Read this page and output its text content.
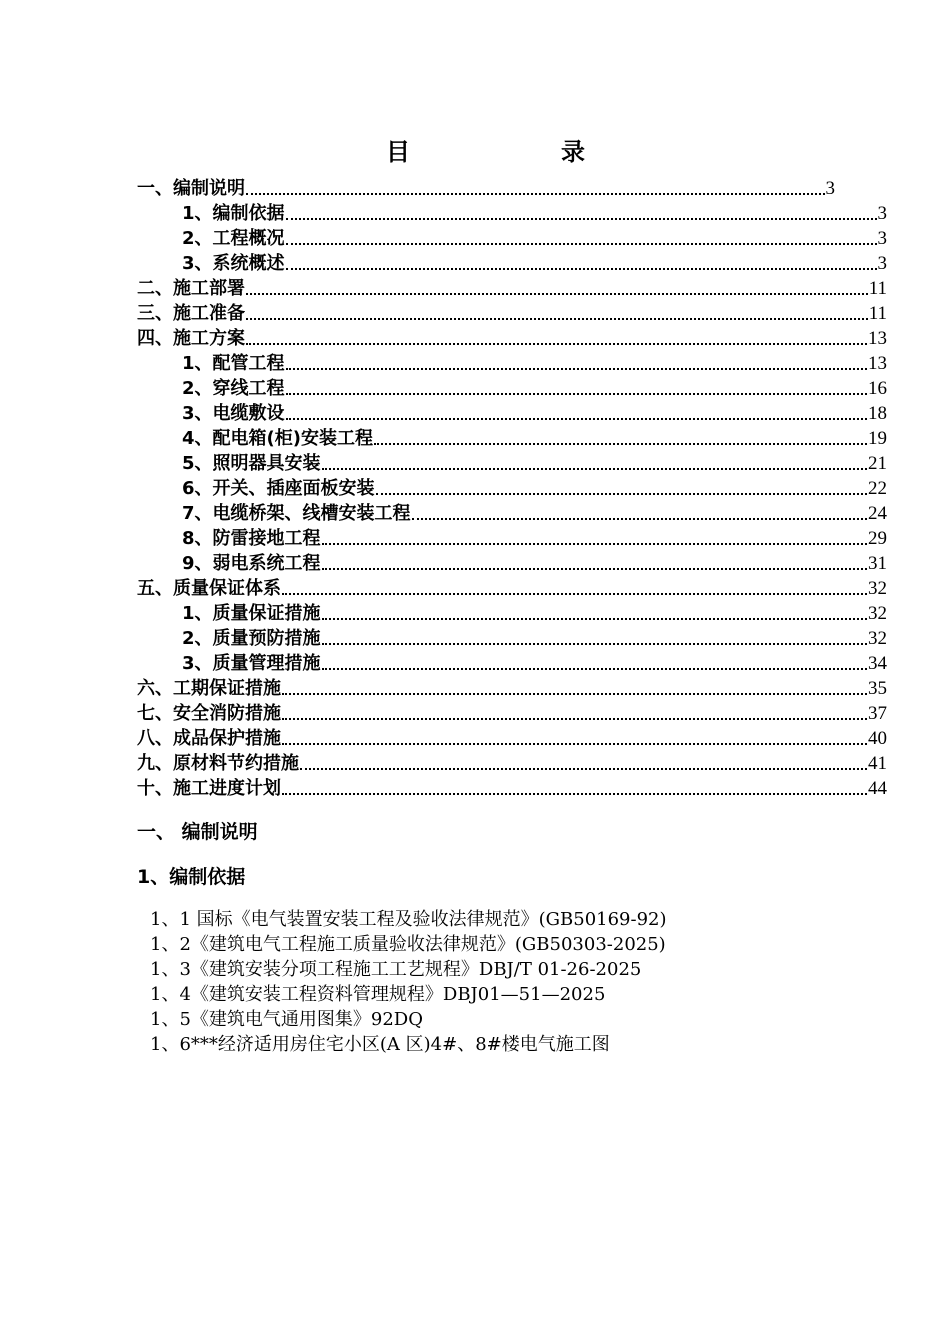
目	录
一、编制说明	3
1、编制依据	3
2、工程概况	3
3、系统概述	3
二、施工部署	11
三、施工准备	11
四、施工方案	13
1、配管工程	13
2、穿线工程	16
3、电缆敷设	18
4、配电箱(柜)安装工程	19
5、照明器具安装	21
6、开关、插座面板安装	22
7、电缆桥架、线槽安装工程	24
8、防雷接地工程	29
9、弱电系统工程	31
五、质量保证体系	32
1、质量保证措施	32
2、质量预防措施	32
3、质量管理措施	34
六、工期保证措施	35
七、安全消防措施	37
八、成品保护措施	40
九、原材料节约措施	41
十、施工进度计划	44
一、 编制说明
1、编制依据
1、1 国标《电气装置安装工程及验收法律规范》(GB50169-92)
1、2《建筑电气工程施工质量验收法律规范》(GB50303-2025)
1、3《建筑安装分项工程施工工艺规程》DBJ/T 01-26-2025
1、4《建筑安装工程资料管理规程》DBJ01—51—2025
1、5《建筑电气通用图集》92DQ
1、6***经济适用房住宅小区(A 区)4#、8#楼电气施工图
